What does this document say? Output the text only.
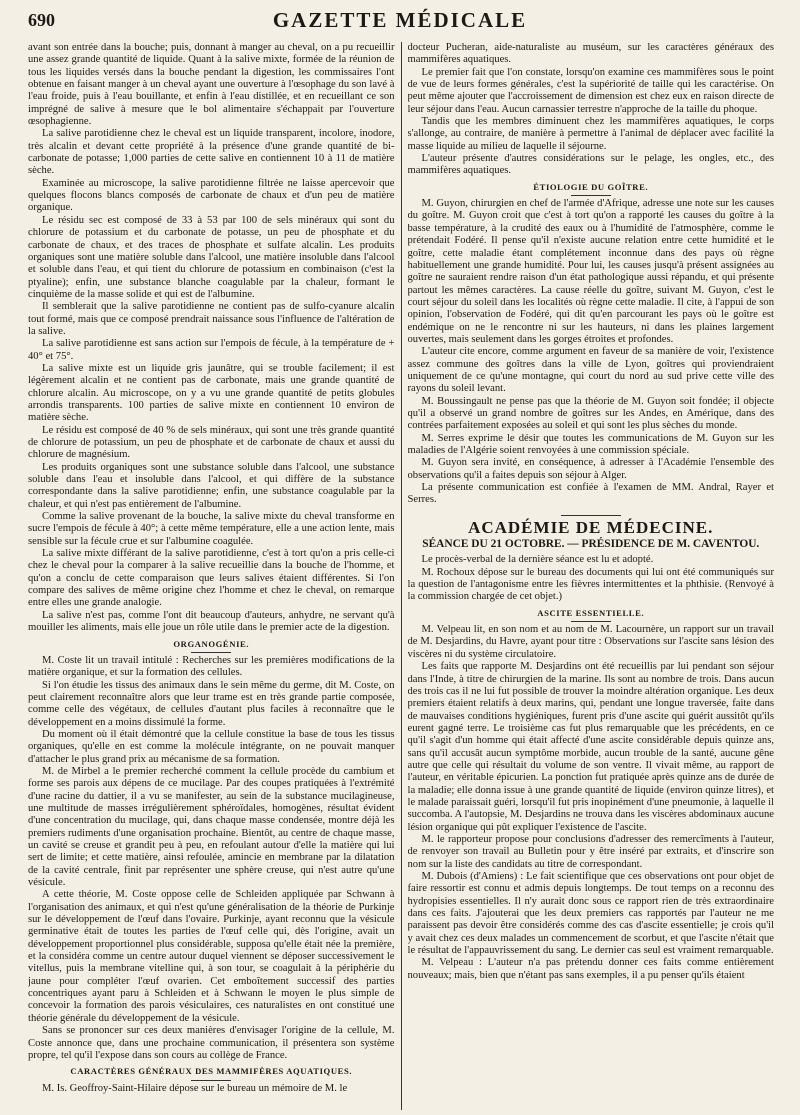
690	GAZETTE MÉDICALE

avant son entrée dans la bouche; puis, donnant à manger au cheval, on a pu recueillir une assez grande quantité de liquide. Quant à la salive mixte, formée de la réunion de tous les liquides versés dans la bouche pendant la digestion, les commissaires l'ont obtenue en faisant manger à un cheval ayant une ouverture à l'œsophage du son lavé à l'eau froide, puis à l'eau bouillante, et enfin à l'eau distillée, et en recueillant ce son imprégné de salive à mesure que le bol alimentaire s'échappait par l'ouverture œsophagienne.

La salive parotidienne chez le cheval est un liquide transparent, incolore, inodore, très alcalin et devant cette propriété à la présence d'une grande quantité de bi-carbonate de potasse; 1,000 parties de cette salive en contiennent 10 à 11 de matière sèche.

Examinée au microscope, la salive parotidienne filtrée ne laisse apercevoir que quelques flocons blancs composés de carbonate de chaux et d'un peu de matière organique.

Le résidu sec est composé de 33 à 53 par 100 de sels minéraux qui sont du chlorure de potassium et du carbonate de potasse, un peu de phosphate et du carbonate de chaux, et des traces de phosphate et sulfate alcalin. Les produits organiques sont une matière soluble dans l'alcool, une matière insoluble dans l'alcool et soluble dans l'eau, et qui tient du chlorure de potassium en combinaison (c'est la ptyaline); enfin, une substance blanche coagulable par la chaleur, formant le cinquième de la masse solide et qui est de l'albumine.

Il semblerait que la salive parotidienne ne contient pas de sulfo-cyanure alcalin tout formé, mais que ce composé prendrait naissance sous l'influence de l'altération de la salive.

La salive parotidienne est sans action sur l'empois de fécule, à la température de + 40° et 75°.

La salive mixte est un liquide gris jaunâtre, qui se trouble facilement; il est légèrement alcalin et ne contient pas de carbonate, mais une grande quantité de chlorure alcalin. Au microscope, on y a vu une grande quantité de petits globules arrondis transparents. 100 parties de salive mixte en contiennent 10 environ de matière sèche.

Le résidu est composé de 40 % de sels minéraux, qui sont une très grande quantité de chlorure de potassium, un peu de phosphate et de carbonate de chaux et aussi du chlorure de magnésium.

Les produits organiques sont une substance soluble dans l'alcool, une substance soluble dans l'eau et insoluble dans l'alcool, et qui diffère de la substance correspondante dans la salive parotidienne; enfin, une substance coagulable par la chaleur, et qui n'est pas entièrement de l'albumine.

Comme la salive provenant de la bouche, la salive mixte du cheval transforme en sucre l'empois de fécule à 40°; à cette même température, elle a une action lente, mais sensible sur la fécule crue et sur l'albumine coagulée.

La salive mixte différant de la salive parotidienne, c'est à tort qu'on a pris celle-ci chez le cheval pour la comparer à la salive recueillie dans la bouche de l'homme, et qu'on a conclu de cette comparaison que leurs salives étaient différentes. Si l'on compare des salives de même origine chez l'homme et chez le cheval, on remarque entre elles une grande analogie.

La salive n'est pas, comme l'ont dit beaucoup d'auteurs, anhydre, ne servant qu'à mouiller les aliments, mais elle joue un rôle utile dans le premier acte de la digestion.

ORGANOGÉNIE.

M. Coste lit un travail intitulé : Recherches sur les premières modifications de la matière organique, et sur la formation des cellules.

Si l'on étudie les tissus des animaux dans le sein même du germe, dit M. Coste, on peut clairement reconnaître alors que leur trame est en très grande partie composée, comme celle des végétaux, de cellules d'autant plus faciles à reconnaître que le développement en a moins dissimulé la forme.

Du moment où il était démontré que la cellule constitue la base de tous les tissus organiques, qu'elle en est comme la molécule intégrante, on ne pouvait manquer d'attacher le plus grand prix au mécanisme de sa formation.

M. de Mirbel a le premier recherché comment la cellule procède du cambium et forme ses parois aux dépens de ce mucilage. Par des coupes pratiquées à l'extrémité d'une racine du dattier, il a vu se manifester, au sein de la substance mucilagineuse, une multitude de masses irrégulièrement sphéroïdales, homogènes, résultat évident d'une concentration du mucilage, qui, dans chaque masse condensée, montre déjà les premiers rudiments d'une organisation prochaine. Bientôt, au centre de chaque masse, un cavité se creuse et grandit peu à peu, en refoulant autour d'elle la matière qui lui sert de limite; et cette matière, ainsi refoulée, amincie en membrane par la dilatation de la cavité centrale, finit par représenter une sphère creuse, qui n'est autre qu'une vésicule.

A cette théorie, M. Coste oppose celle de Schleiden appliquée par Schwann à l'organisation des animaux, et qui n'est qu'une généralisation de la théorie de Purkinje sur le développement de l'œuf dans l'ovaire. Purkinje, ayant reconnu que la vésicule germinative était de toutes les parties de l'œuf celle qui, dès l'origine, avait un développement proportionnel plus considérable, supposa qu'elle était née la première, et la considéra comme un centre autour duquel viennent se déposer successivement le vitellus, puis la membrane vitelline qui, à son tour, se coagulait à la périphérie du jaune pour compléter l'œuf ovarien. Cet emboîtement successif des parties concentriques ayant paru à Schleiden et à Schwann le moyen le plus simple de concevoir la formation des parois vésiculaires, ces naturalistes en ont constitué une théorie générale du développement de la vésicule.

Sans se prononcer sur ces deux manières d'envisager l'origine de la cellule, M. Coste annonce que, dans une prochaine communication, il présentera son système propre, tel qu'il l'expose dans son cours au collège de France.

CARACTÈRES GÉNÉRAUX DES MAMMIFÈRES AQUATIQUES.

M. Is. Geoffroy-Saint-Hilaire dépose sur le bureau un mémoire de M. le

docteur Pucheran, aide-naturaliste au muséum, sur les caractères généraux des mammifères aquatiques.

Le premier fait que l'on constate, lorsqu'on examine ces mammifères sous le point de vue de leurs formes générales, c'est la supériorité de taille qui les caractérise. On peut même ajouter que l'accroissement de dimension est chez eux en raison directe de leur séjour dans l'eau. Aucun carnassier terrestre n'approche de la taille du phoque.

Tandis que les membres diminuent chez les mammifères aquatiques, le corps s'allonge, au contraire, de manière à permettre à l'animal de déplacer avec facilité la masse liquide au milieu de laquelle il séjourne.

L'auteur présente d'autres considérations sur le pelage, les ongles, etc., des mammifères aquatiques.

ÉTIOLOGIE DU GOÎTRE.

M. Guyon, chirurgien en chef de l'armée d'Afrique, adresse une note sur les causes du goître. M. Guyon croit que c'est à tort qu'on a rapporté les causes du goître à la basse température, à la crudité des eaux ou à l'humidité de l'atmosphère, comme le prétendait Fodéré. Il pense qu'il n'existe aucune relation entre cette humidité et le goître, cette maladie étant complétement inconnue dans des pays où règne habituellement une grande humidité. Pour lui, les causes jusqu'à présent assignées au goître ne sauraient rendre raison d'un état pathologique aussi répandu, et qui présente partout les mêmes caractères. La cause réelle du goître, suivant M. Guyon, c'est le court séjour du soleil dans les localités où règne cette maladie. Il cite, à l'appui de son opinion, l'observation de Fodéré, qui dit qu'en parcourant les pays où le goître est endémique on ne le rencontre ni sur les hauteurs, ni dans les plaines largement ouvertes, mais seulement dans les gorges étroites et profondes.

L'auteur cite encore, comme argument en faveur de sa manière de voir, l'existence assez commune des goîtres dans la ville de Lyon, goîtres qui proviendraient uniquement de ce qu'une montagne, qui court du nord au sud prive cette ville des rayons du soleil levant.

M. Boussingault ne pense pas que la théorie de M. Guyon soit fondée; il objecte qu'il a observé un grand nombre de goîtres sur les Andes, en Amérique, dans des contrées parfaitement exposées au soleil et qui sont les plus sèches du monde.

M. Serres exprime le désir que toutes les communications de M. Guyon sur les maladies de l'Algérie soient renvoyées à une commission spéciale.

M. Guyon sera invité, en conséquence, à adresser à l'Académie l'ensemble des observations qu'il a faites depuis son séjour à Alger.

La présente communication est confiée à l'examen de MM. Andral, Rayer et Serres.

ACADÉMIE DE MÉDECINE.
SÉANCE DU 21 OCTOBRE. — PRÉSIDENCE DE M. CAVENTOU.

Le procès-verbal de la dernière séance est lu et adopté.

M. Rochoux dépose sur le bureau des documents qui lui ont été communiqués sur la question de l'antagonisme entre les fièvres intermittentes et la phthisie. (Renvoyé à la commission chargée de cet objet.)

ASCITE ESSENTIELLE.

M. Velpeau lit, en son nom et au nom de M. Lacournère, un rapport sur un travail de M. Desjardins, du Havre, ayant pour titre : Observations sur l'ascite sans lésion des viscères ni du système circulatoire.

Les faits que rapporte M. Desjardins ont été recueillis par lui pendant son séjour dans l'Inde, à titre de chirurgien de la marine. Ils sont au nombre de trois. Dans aucun des trois cas il ne lui fut possible de trouver la moindre altération organique. Les deux premiers étaient relatifs à deux marins, qui, pendant une longue traversée, faite dans de mauvaises conditions hygiéniques, furent pris d'une ascite qui guérit aussitôt qu'ils eurent gagné terre. Le troisième cas fut plus remarquable que les précédents, en ce qu'il s'agit d'un homme qui était affecté d'une ascite considérable depuis quinze ans, sans qu'il accusât aucun symptôme morbide, aucun trouble de la santé, aucune gêne autre que celle qui résultait du volume de son ventre. Il vivait même, au rapport de l'auteur, en véritable épicurien. La ponction fut pratiquée après quinze ans de durée de la maladie; elle donna issue à une grande quantité de liquide (environ quinze litres), et le malade paraissait guéri, lorsqu'il fut pris inopinément d'une pneumonie, à laquelle il succomba. A l'autopsie, M. Desjardins ne trouva dans les viscères abdominaux aucune lésion organique qui pût expliquer l'existence de l'ascite.

M. le rapporteur propose pour conclusions d'adresser des remercîments à l'auteur, de renvoyer son travail au Bulletin pour y être inséré par extraits, et d'inscrire son nom sur la liste des candidats au titre de correspondant.

M. Dubois (d'Amiens) : Le fait scientifique que ces observations ont pour objet de faire ressortir est connu et admis depuis longtemps. De tout temps on a reconnu des hydropisies essentielles. Il n'y aurait donc sous ce rapport rien de très extraordinaire dans ces faits. J'ajouterai que les deux premiers cas rapportés par l'auteur ne me paraissent pas devoir être considérés comme des cas d'ascite essentielle; je crois qu'il y avait chez ces deux malades un commencement de scorbut, et que l'ascite n'était que le résultat de l'appauvrissement du sang. Le dernier cas seul est vraiment remarquable.

M. Velpeau : L'auteur n'a pas prétendu donner ces faits comme entièrement nouveaux; mais, bien que n'étant pas sans exemples, il a pu penser qu'ils étaient
